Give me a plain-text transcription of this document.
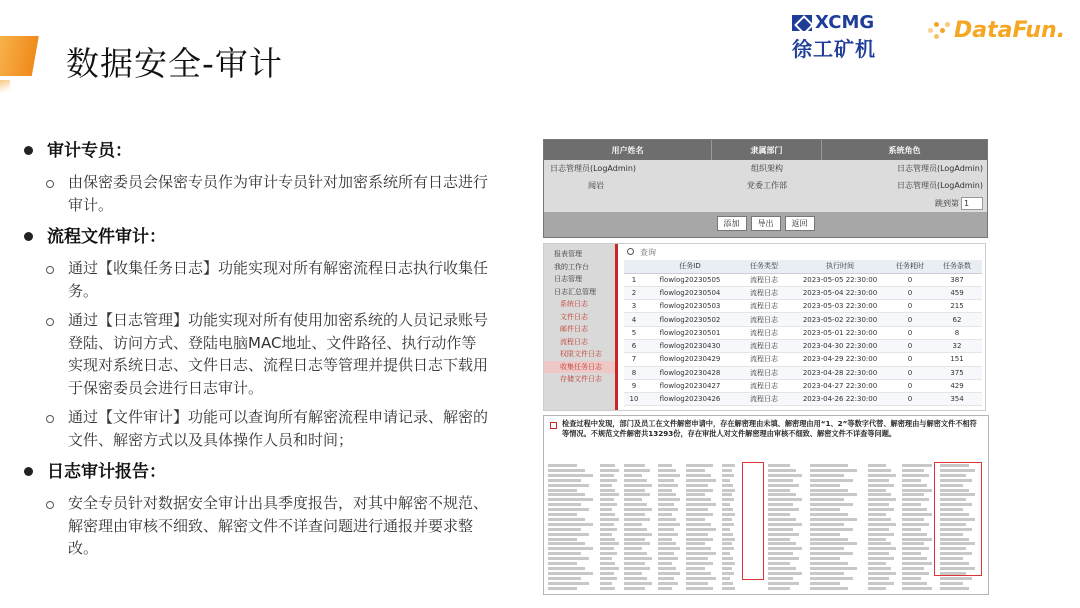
数据安全-审计
XCMG
徐工矿机
DataFun.
审计专员：
由保密委员会保密专员作为审计专员针对加密系统所有日志进行审计。
流程文件审计：
通过【收集任务日志】功能实现对所有解密流程日志执行收集任务。
通过【日志管理】功能实现对所有使用加密系统的人员记录账号登陆、访问方式、登陆电脑MAC地址、文件路径、执行动作等实现对系统日志、文件日志、流程日志等管理并提供日志下载用于保密委员会进行日志审计。
通过【文件审计】功能可以查询所有解密流程申请记录、解密的文件、解密方式以及具体操作人员和时间；
日志审计报告：
安全专员针对数据安全审计出具季度报告，对其中解密不规范、解密理由审核不细致、解密文件不详查问题进行通报并要求整改。
用户姓名	隶属部门	系统角色
日志管理员(LogAdmin)	组织架构	日志管理员(LogAdmin)
闻岩	党委工作部	日志管理员(LogAdmin)
跳到第 1
添加	导出	返回
报表管理
我的工作台
日志管理
日志汇总管理
系统日志
文件日志
邮件日志
流程日志
权限文件日志
收集任务日志
存储文件日志
查询
	任务ID	任务类型	执行时间	任务耗时	任务条数
1	flowlog20230505	流程日志	2023-05-05 22:30:00	0	387
2	flowlog20230504	流程日志	2023-05-04 22:30:00	0	459
3	flowlog20230503	流程日志	2023-05-03 22:30:00	0	215
4	flowlog20230502	流程日志	2023-05-02 22:30:00	0	62
5	flowlog20230501	流程日志	2023-05-01 22:30:00	0	8
6	flowlog20230430	流程日志	2023-04-30 22:30:00	0	32
7	flowlog20230429	流程日志	2023-04-29 22:30:00	0	151
8	flowlog20230428	流程日志	2023-04-28 22:30:00	0	375
9	flowlog20230427	流程日志	2023-04-27 22:30:00	0	429
10	flowlog20230426	流程日志	2023-04-26 22:30:00	0	354
检查过程中发现，部门及员工在文件解密申请中，存在解密理由未填、解密理由用“1、2”等数字代替、解密理由与解密文件不相符等情况。不规范文件解密共13293份，存在审批人对文件解密理由审核不细致、解密文件不详查等问题。
